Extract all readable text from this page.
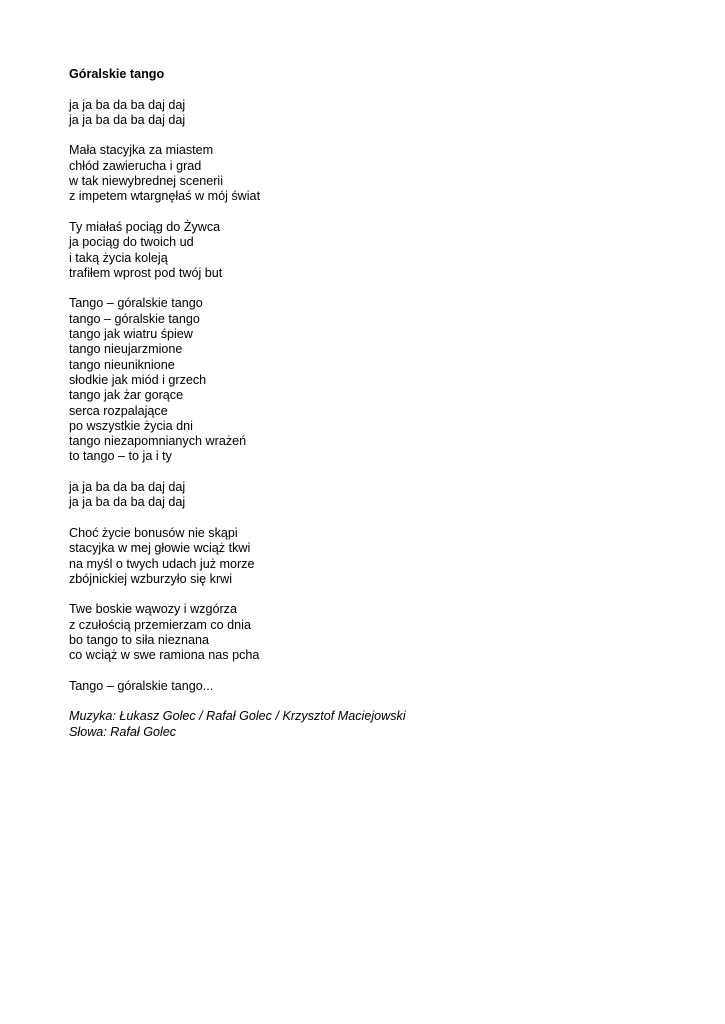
Góralskie tango
ja ja ba da ba daj daj
ja ja ba da ba daj daj
Mała stacyjka za miastem
chłód zawierucha i grad
w tak niewybrednej scenerii
z impetem wtargnęłaś w mój świat
Ty miałaś pociąg do Żywca
ja pociąg do twoich ud
i taką życia koleją
trafiłem wprost pod twój but
Tango – góralskie tango
tango – góralskie tango
tango jak wiatru śpiew
tango nieujarzmione
tango nieuniknione
słodkie jak miód i grzech
tango jak żar gorące
serca rozpalające
po wszystkie życia dni
tango niezapomnianych wrażeń
to tango – to ja i ty
ja ja ba da ba daj daj
ja ja ba da ba daj daj
Choć życie bonusów nie skąpi
stacyjka w mej głowie wciąż tkwi
na myśl o twych udach już morze
zbójnickiej wzburzyło się krwi
Twe boskie wąwozy i wzgórza
z czułością przemierzam co dnia
bo tango to siła nieznana
co wciąż w swe ramiona nas pcha
Tango – góralskie tango...
Muzyka: Łukasz Golec / Rafał Golec / Krzysztof Maciejowski
Słowa: Rafał Golec
